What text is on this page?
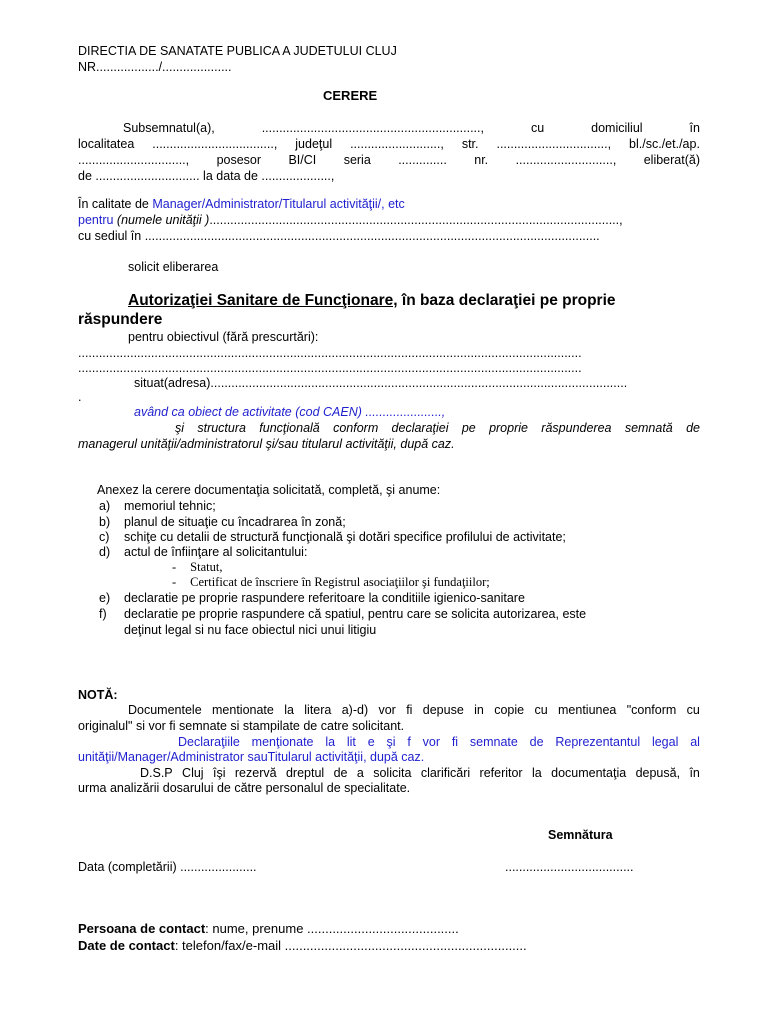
DIRECTIA DE SANATATE PUBLICA A JUDETULUI CLUJ
NR................../....................
CERERE
Subsemnatul(a),	...............................................................,	cu	domiciliul	în
localitatea ..................................., judeţul .........................., str. ................................, bl./sc./et./ap.
..............................., posesor BI/CI seria .............. nr. ............................, eliberat(ă)
de .............................. la data de ....................,
În calitate de Manager/Administrator/Titularul activităţii/, etc
pentru (numele unităţii )......................................................................................................................,
cu sediul în ...................................................................................................................................
solicit eliberarea
Autorizaţiei Sanitare de Funcţionare, în baza declaraţiei pe proprie
răspundere
pentru obiectivul (fără prescurtări):
.................................................................................................................................................
.................................................................................................................................................
situat(adresa)........................................................................................................................
.
având ca obiect de activitate (cod CAEN) ......................,
şi structura funcţională conform declaraţiei pe proprie răspunderea semnată de
managerul unităţii/administratorul şi/sau titularul activităţii, după caz.
Anexez la cerere documentaţia solicitată, completă, şi anume:
a) memoriul tehnic;
b) planul de situaţie cu încadrarea în zonă;
c) schiţe cu detalii de structură funcţională şi dotări specifice profilului de activitate;
d) actul de înfiinţare al solicitantului:
- Statut,
- Certificat de înscriere în Registrul asociaţiilor şi fundaţiilor;
e) declaratie pe proprie raspundere referitoare la conditiile igienico-sanitare
f) declaratie pe proprie raspundere că spatiul, pentru care se solicita autorizarea, este
deţinut legal si nu face obiectul nici unui litigiu
NOTĂ:
Documentele mentionate la litera a)-d) vor fi depuse in copie cu mentiunea "conform cu
originalul" si vor fi semnate si stampilate de catre solicitant.
Declaraţiile menţionate la lit e şi f vor fi semnate de Reprezentantul legal al
unităţii/Manager/Administrator sauTitularul activităţii, după caz.
D.S.P Cluj îşi rezervă dreptul de a solicita clarificări referitor la documentaţia depusă, în
urma analizării dosarului de către personalul de specialitate.
Semnătura
Data (completării) ......................	.....................................
Persoana de contact: nume, prenume ..........................................
Date de contact: telefon/fax/e-mail ...................................................................
